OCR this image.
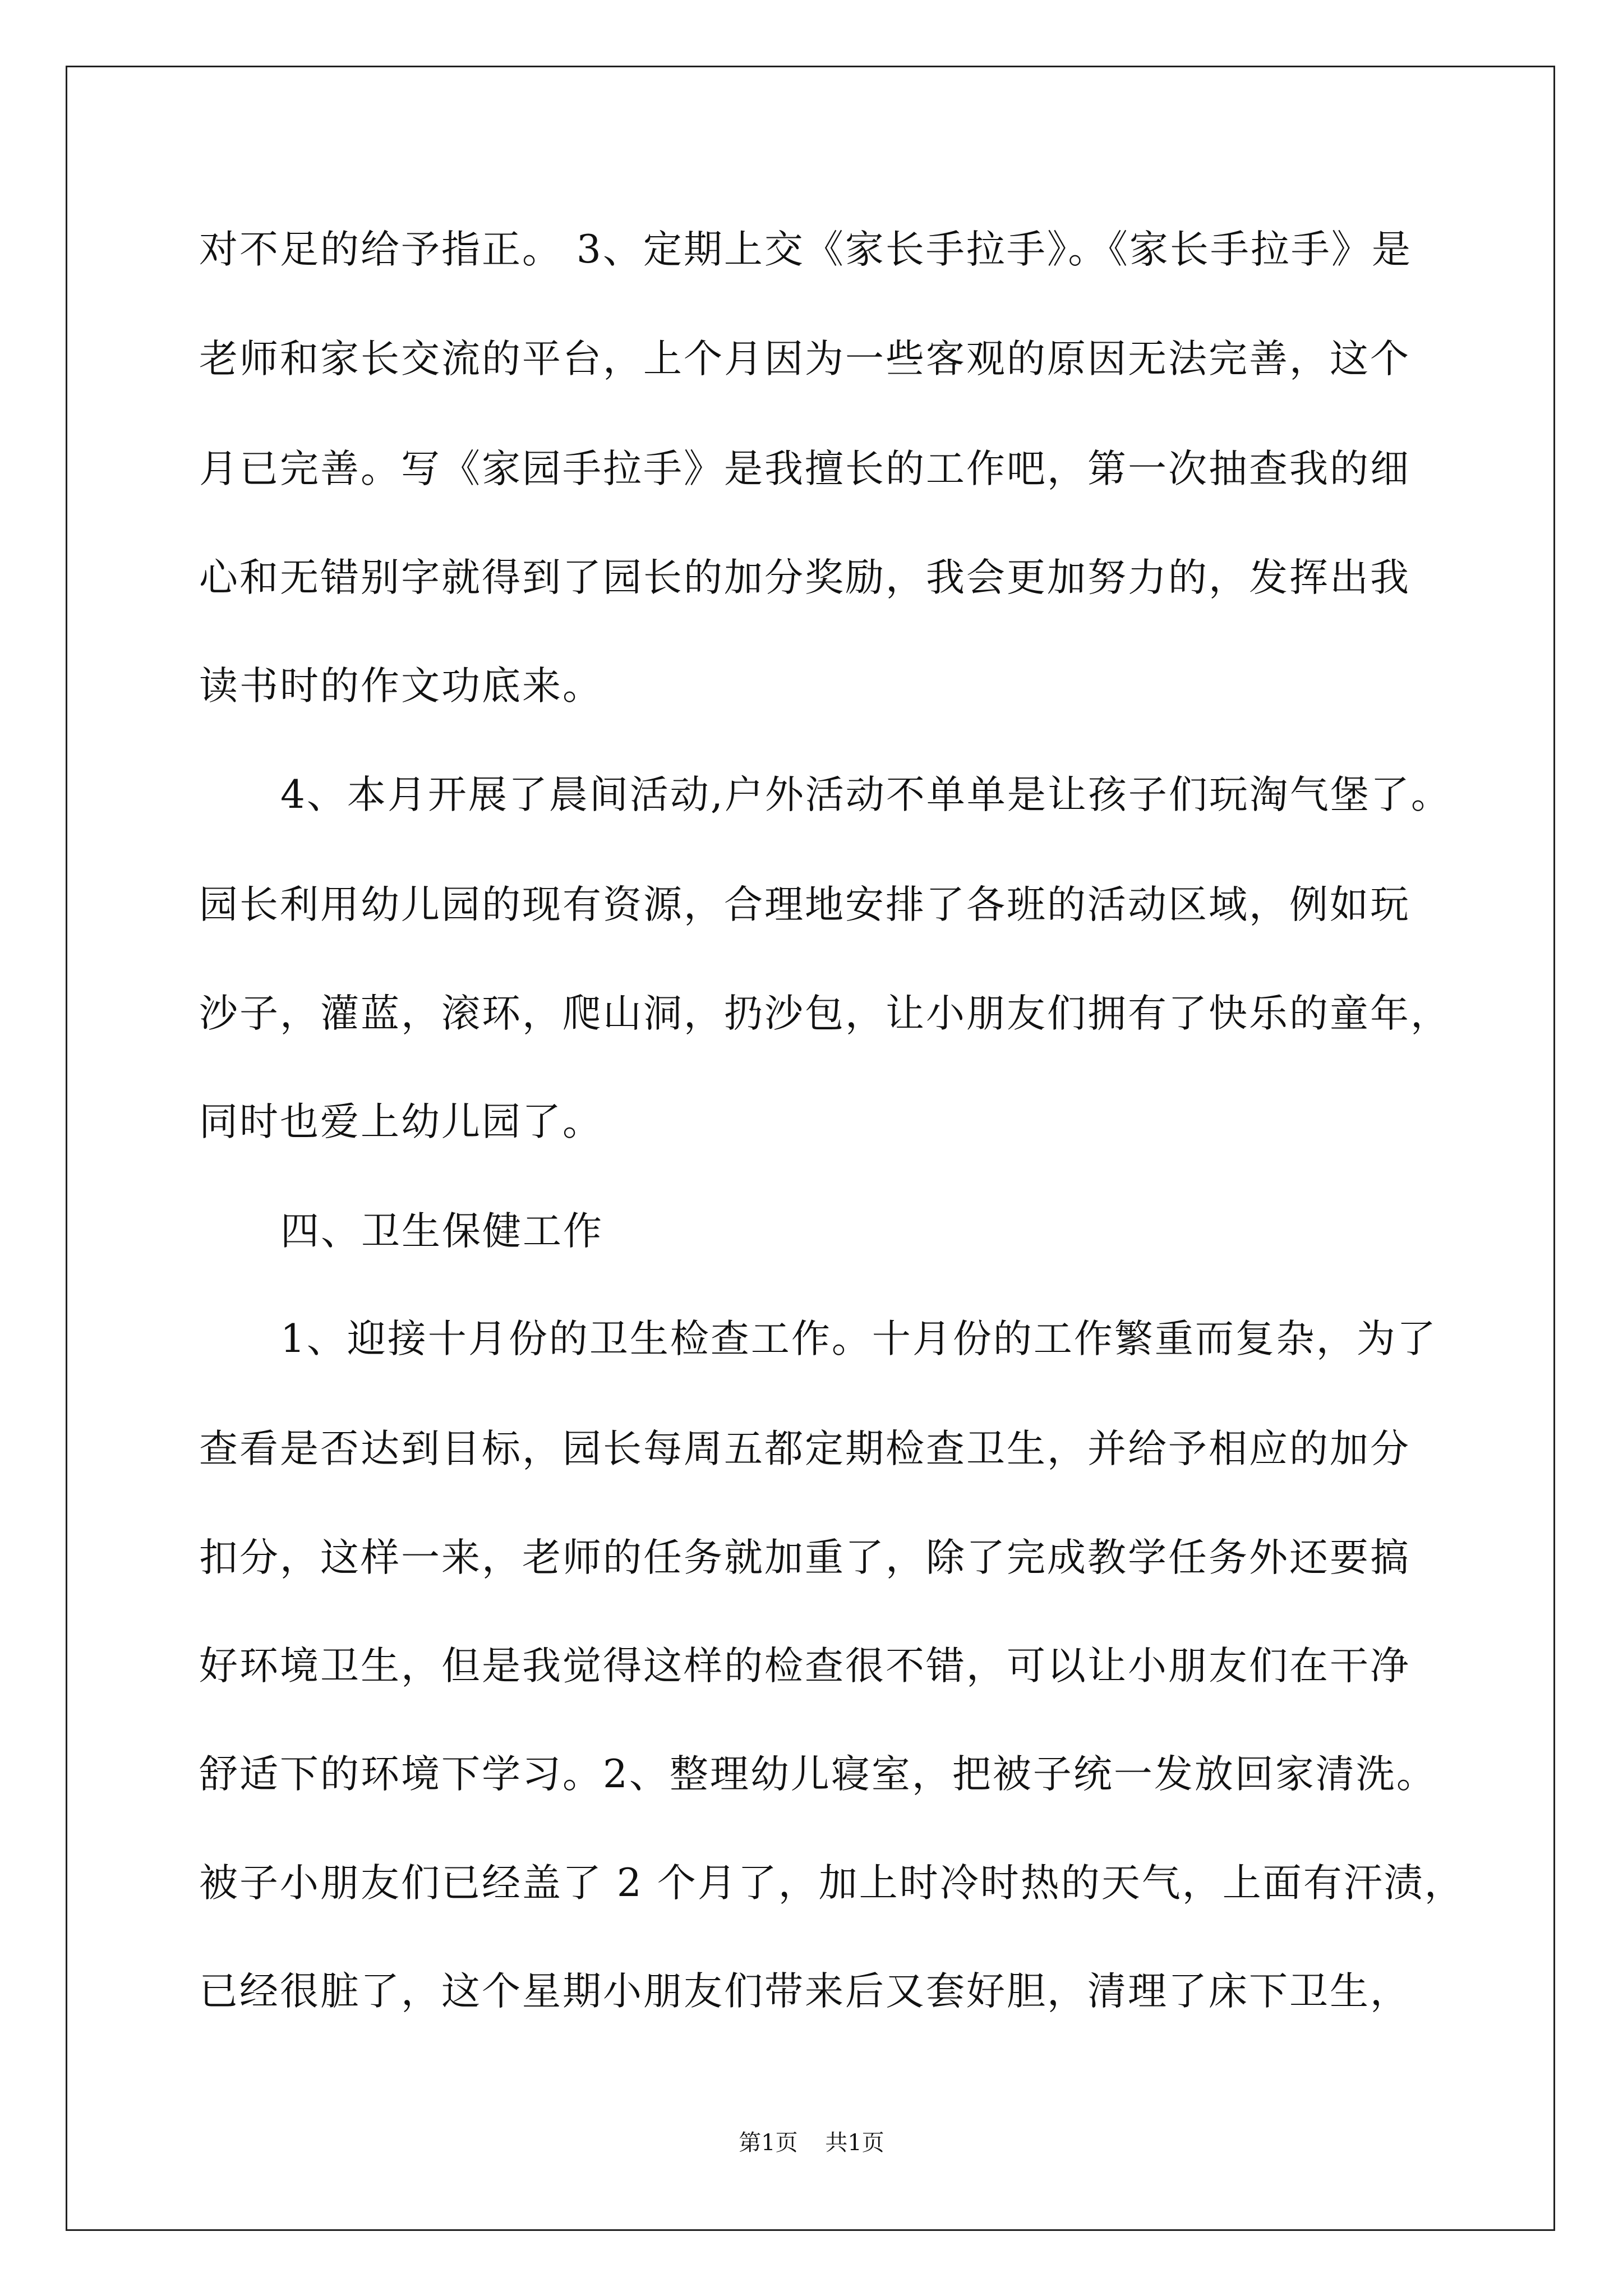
对不足的给予指正。 3、定期上交《家长手拉手》。《家长手拉手》是
老师和家长交流的平台，上个月因为一些客观的原因无法完善，这个
月已完善。写《家园手拉手》是我擅长的工作吧，第一次抽查我的细
心和无错别字就得到了园长的加分奖励，我会更加努力的，发挥出我
读书时的作文功底来。
4、本月开展了晨间活动,户外活动不单单是让孩子们玩淘气堡了。
园长利用幼儿园的现有资源，合理地安排了各班的活动区域，例如玩
沙子，灌蓝，滚环，爬山洞，扔沙包，让小朋友们拥有了快乐的童年，
同时也爱上幼儿园了。
四、卫生保健工作
1、迎接十月份的卫生检查工作。十月份的工作繁重而复杂，为了
查看是否达到目标，园长每周五都定期检查卫生，并给予相应的加分
扣分，这样一来，老师的任务就加重了，除了完成教学任务外还要搞
好环境卫生，但是我觉得这样的检查很不错，可以让小朋友们在干净
舒适下的环境下学习。2、整理幼儿寝室，把被子统一发放回家清洗。
被子小朋友们已经盖了 2 个月了，加上时冷时热的天气，上面有汗渍，
已经很脏了，这个星期小朋友们带来后又套好胆，清理了床下卫生，
第1页 共1页
